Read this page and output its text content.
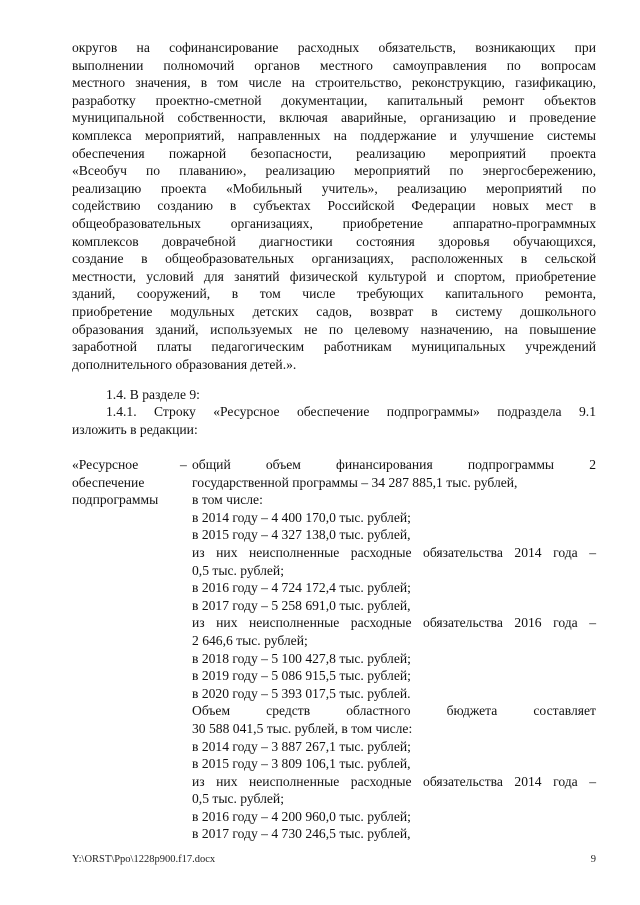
округов на софинансирование расходных обязательств, возникающих при
выполнении полномочий органов местного самоуправления по вопросам
местного значения, в том числе на строительство, реконструкцию, газификацию,
разработку проектно-сметной документации, капитальный ремонт объектов
муниципальной собственности, включая аварийные, организацию и проведение
комплекса мероприятий, направленных на поддержание и улучшение системы
обеспечения пожарной безопасности, реализацию мероприятий проекта
«Всеобуч по плаванию», реализацию мероприятий по энергосбережению,
реализацию проекта «Мобильный учитель», реализацию мероприятий по
содействию созданию в субъектах Российской Федерации новых мест в
общеобразовательных организациях, приобретение аппаратно-программных
комплексов доврачебной диагностики состояния здоровья обучающихся,
создание в общеобразовательных организациях, расположенных в сельской
местности, условий для занятий физической культурой и спортом, приобретение
зданий, сооружений, в том числе требующих капитального ремонта,
приобретение модульных детских садов, возврат в систему дошкольного
образования зданий, используемых не по целевому назначению, на повышение
заработной платы педагогическим работникам муниципальных учреждений
дополнительного образования детей.».
1.4. В разделе 9:
1.4.1. Строку «Ресурсное обеспечение подпрограммы» подраздела 9.1
изложить в редакции:
«Ресурсное
обеспечение
подпрограммы
– общий объем финансирования подпрограммы 2
государственной программы – 34 287 885,1 тыс. рублей,
в том числе:
в 2014 году – 4 400 170,0 тыс. рублей;
в 2015 году – 4 327 138,0 тыс. рублей,
из них неисполненные расходные обязательства 2014 года –
0,5 тыс. рублей;
в 2016 году – 4 724 172,4 тыс. рублей;
в 2017 году – 5 258 691,0 тыс. рублей,
из них неисполненные расходные обязательства 2016 года –
2 646,6 тыс. рублей;
в 2018 году – 5 100 427,8 тыс. рублей;
в 2019 году – 5 086 915,5 тыс. рублей;
в 2020 году – 5 393 017,5 тыс. рублей.
Объем средств областного бюджета составляет
30 588 041,5 тыс. рублей, в том числе:
в 2014 году – 3 887 267,1 тыс. рублей;
в 2015 году – 3 809 106,1 тыс. рублей,
из них неисполненные расходные обязательства 2014 года –
0,5 тыс. рублей;
в 2016 году – 4 200 960,0 тыс. рублей;
в 2017 году – 4 730 246,5 тыс. рублей,
Y:\ORST\Ppo\1228p900.f17.docx	9
